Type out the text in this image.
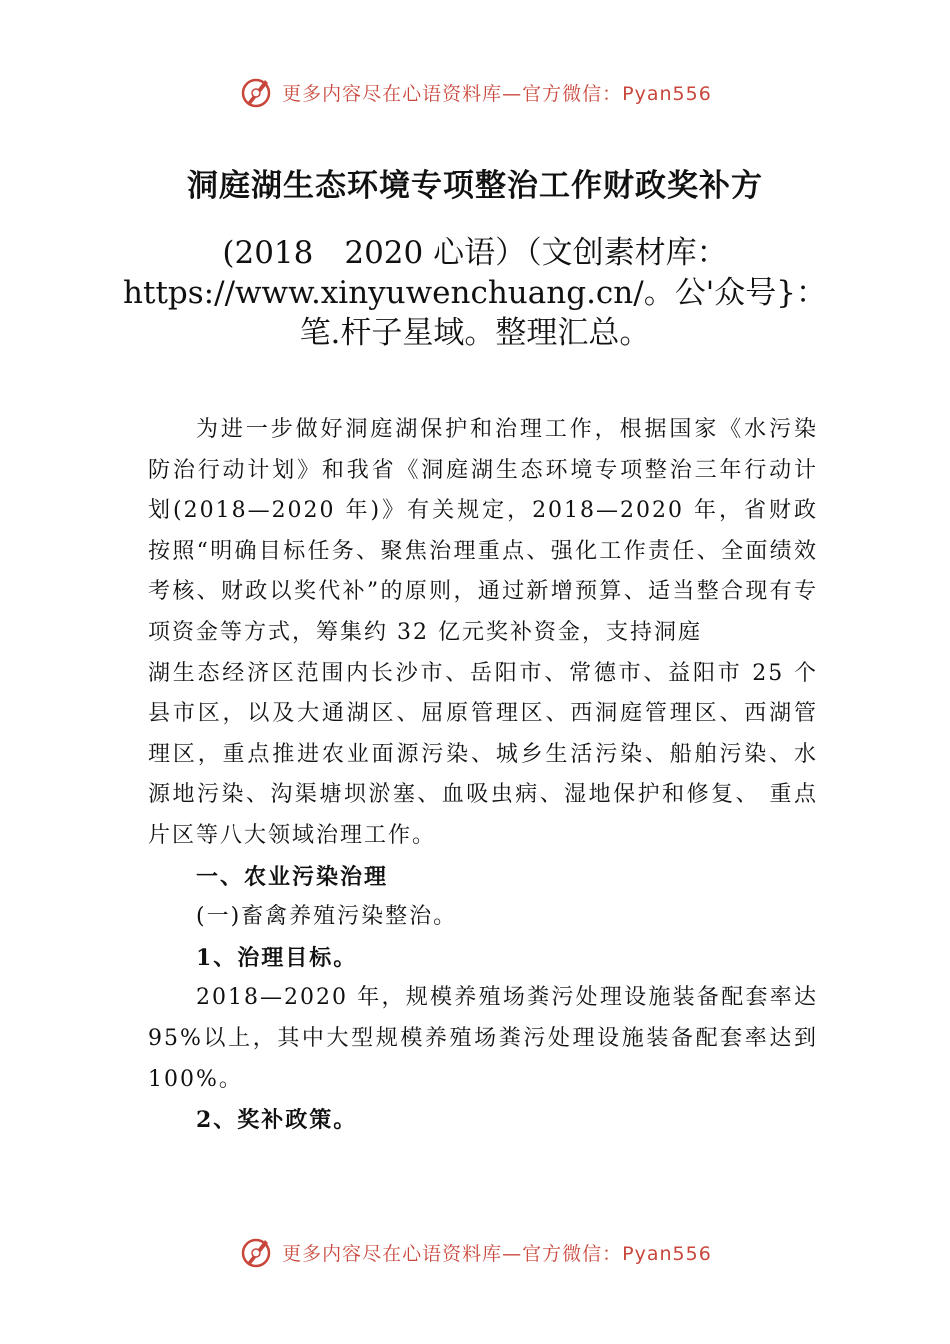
更多内容尽在心语资料库—官方微信：Pyan556
洞庭湖生态环境专项整治工作财政奖补方
(2018　2020 心语）（文创素材库：
https://www.xinyuwenchuang.cn/。公'众号}：
笔.杆子星域。整理汇总。

为进一步做好洞庭湖保护和治理工作，根据国家《水污染防治行动计划》和我省《洞庭湖生态环境专项整治三年行动计划(2018—2020 年)》有关规定，2018—2020 年，省财政按照“明确目标任务、聚焦治理重点、强化工作责任、全面绩效考核、财政以奖代补”的原则，通过新增预算、适当整合现有专项资金等方式，筹集约 32 亿元奖补资金，支持洞庭

湖生态经济区范围内长沙市、岳阳市、常德市、益阳市 25 个县市区，以及大通湖区、屈原管理区、西洞庭管理区、西湖管理区，重点推进农业面源污染、城乡生活污染、船舶污染、水源地污染、沟渠塘坝淤塞、血吸虫病、湿地保护和修复、 重点片区等八大领域治理工作。

一、农业污染治理

(一)畜禽养殖污染整治。

1、治理目标。

2018—2020 年，规模养殖场粪污处理设施装备配套率达 95%以上，其中大型规模养殖场粪污处理设施装备配套率达到 100%。

2、奖补政策。

更多内容尽在心语资料库—官方微信：Pyan556
